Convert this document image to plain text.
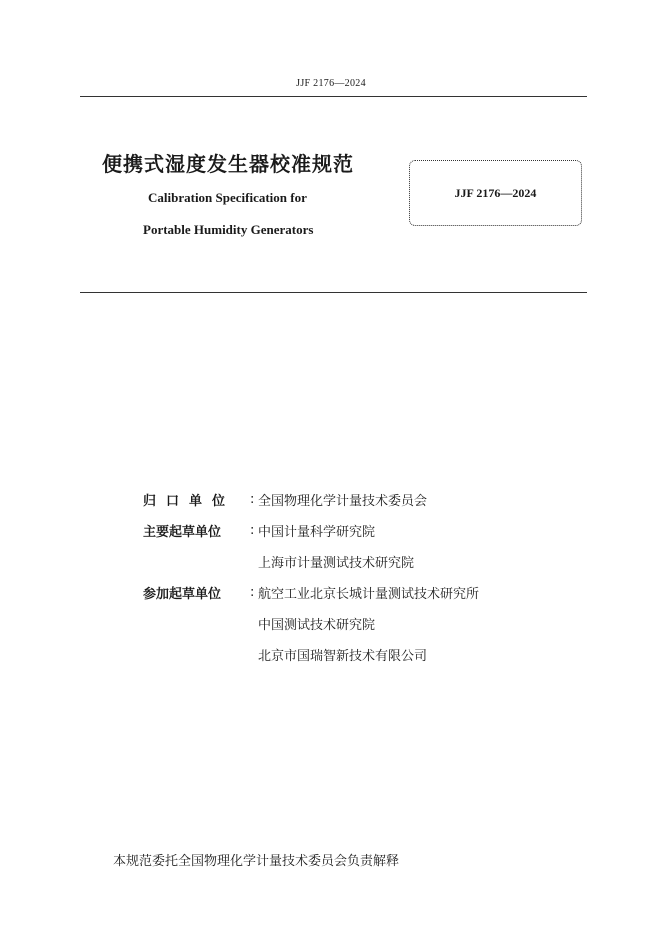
JJF 2176—2024
便携式湿度发生器校准规范
Calibration Specification for
Portable Humidity Generators
JJF 2176—2024
归口单位	: 全国物理化学计量技术委员会
主要起草单位	: 中国计量科学研究院
上海市计量测试技术研究院
参加起草单位	: 航空工业北京长城计量测试技术研究所
中国测试技术研究院
北京市国瑞智新技术有限公司
本规范委托全国物理化学计量技术委员会负责解释
